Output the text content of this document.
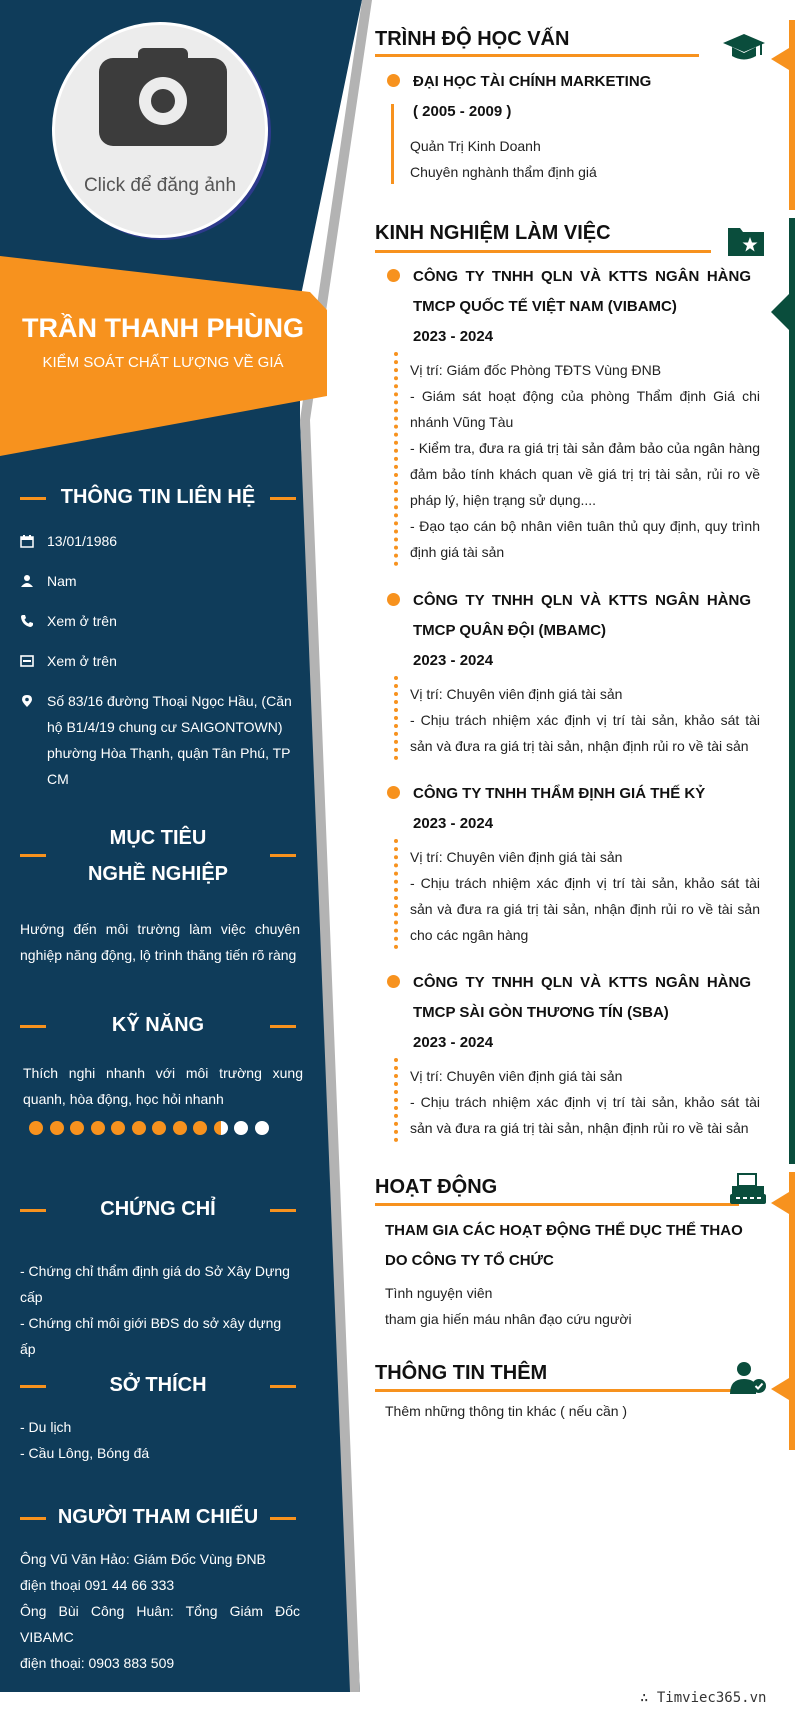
Click để đăng ảnh
TRẦN THANH PHÙNG
KIỂM SOÁT CHẤT LƯỢNG VỀ GIÁ
THÔNG TIN LIÊN HỆ
13/01/1986
Nam
Xem ở trên
Xem ở trên
Số 83/16 đường Thoại Ngọc Hầu, (Căn hộ B1/4/19 chung cư SAIGONTOWN) phường Hòa Thạnh, quận Tân Phú, TP CM
MỤC TIÊU NGHỀ NGHIỆP
Hướng đến môi trường làm việc chuyên nghiệp năng động, lộ trình thăng tiến rõ ràng
KỸ NĂNG
Thích nghi nhanh với môi trường xung quanh, hòa động, học hỏi nhanh
CHỨNG CHỈ
- Chứng chỉ thẩm định giá do Sở Xây Dựng cấp
- Chứng chỉ môi giới BĐS do sở xây dựng ấp
SỞ THÍCH
- Du lịch
- Cầu Lông, Bóng đá
NGƯỜI THAM CHIẾU
Ông Vũ Văn Hảo: Giám Đốc Vùng ĐNB
điện thoại 091 44 66 333
Ông Bùi Công Huân: Tổng Giám Đốc VIBAMC
điện thoại: 0903 883 509
TRÌNH ĐỘ HỌC VẤN
ĐẠI HỌC TÀI CHÍNH MARKETING
( 2005 - 2009 )
Quản Trị Kinh Doanh
Chuyên nghành thẩm định giá
KINH NGHIỆM LÀM VIỆC
CÔNG TY TNHH QLN VÀ KTTS NGÂN HÀNG TMCP QUỐC TẾ VIỆT NAM (VIBAMC)
2023 - 2024
Vị trí: Giám đốc Phòng TĐTS Vùng ĐNB
- Giám sát hoạt động của phòng Thẩm định Giá chi nhánh Vũng Tàu
- Kiểm tra, đưa ra giá trị tài sản đảm bảo của ngân hàng đảm bảo tính khách quan về giá trị trị tài sản, rủi ro về pháp lý, hiện trạng sử dụng....
- Đạo tạo cán bộ nhân viên tuân thủ quy định, quy trình định giá tài sản
CÔNG TY TNHH QLN VÀ KTTS NGÂN HÀNG TMCP QUÂN ĐỘI (MBAMC)
2023 - 2024
Vị trí: Chuyên viên định giá tài sản
- Chịu trách nhiệm xác định vị trí tài sản, khảo sát tài sản và đưa ra giá trị tài sản, nhận định rủi ro về tài sản
CÔNG TY TNHH THẨM ĐỊNH GIÁ THẾ KỶ
2023 - 2024
Vị trí: Chuyên viên định giá tài sản
- Chịu trách nhiệm xác định vị trí tài sản, khảo sát tài sản và đưa ra giá trị tài sản, nhận định rủi ro về tài sản cho các ngân hàng
CÔNG TY TNHH QLN VÀ KTTS NGÂN HÀNG TMCP SÀI GÒN THƯƠNG TÍN (SBA)
2023 - 2024
Vị trí: Chuyên viên định giá tài sản
- Chịu trách nhiệm xác định vị trí tài sản, khảo sát tài sản và đưa ra giá trị tài sản, nhận định rủi ro về tài sản
HOẠT ĐỘNG
THAM GIA CÁC HOẠT ĐỘNG THỂ DỤC THỂ THAO DO CÔNG TY TỔ CHỨC
Tình nguyện viên
tham gia hiến máu nhân đạo cứu người
THÔNG TIN THÊM
Thêm những thông tin khác ( nếu cần )
∴ Timviec365.vn
